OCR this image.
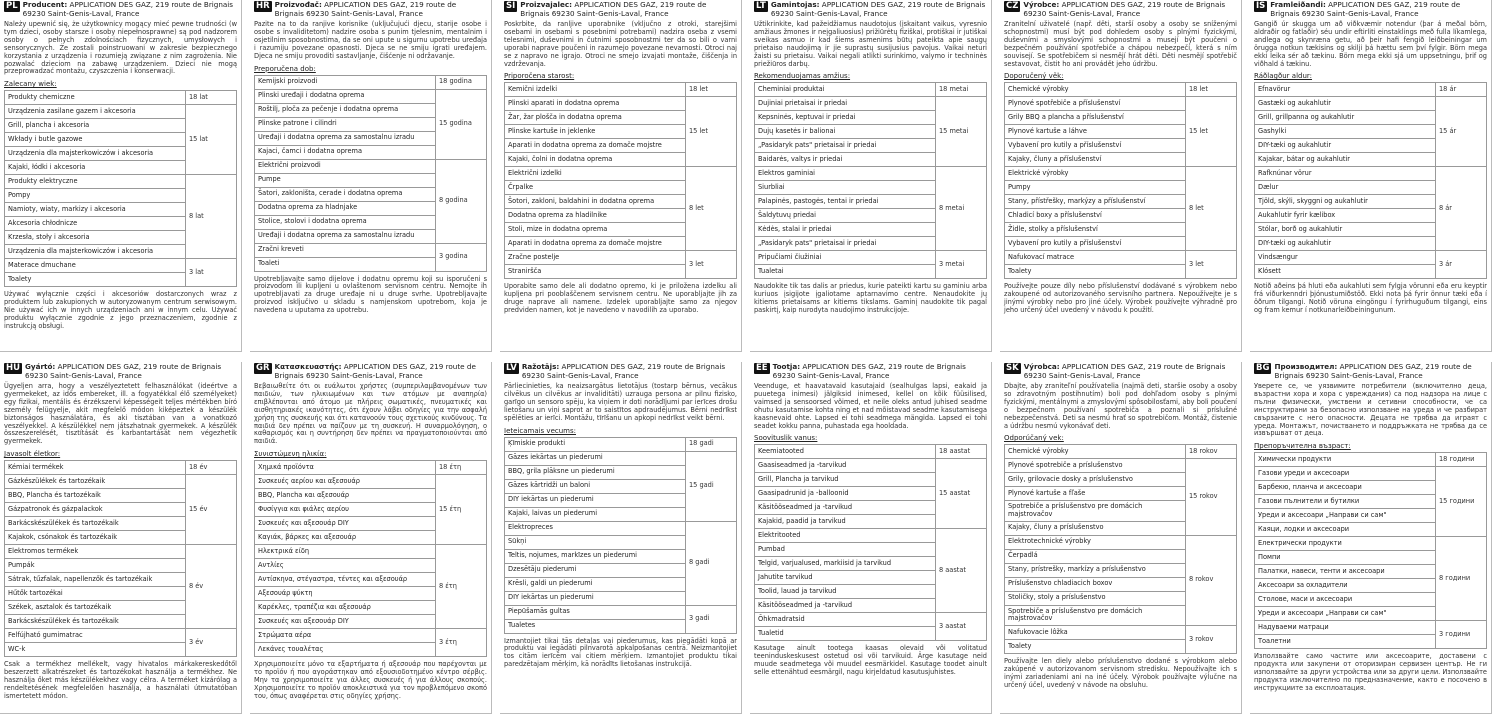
PL Producent: APPLICATION DES GAZ, 219 route de Brignais 69230 Saint-Genis-Laval, France
Należy upewnić się, że użytkownicy mogący mieć pewne trudności (w tym dzieci, osoby starsze i osoby niepełnosprawne) są pod nadzorem osoby o pełnych zdolnościach fizycznych, umysłowych i sensorycznych. Że zostali poinstruowani w zakresie bezpiecznego korzystania z urządzenia i rozumieją związane z nim zagrożenia. Nie pozwalać dzieciom na zabawę urządzeniem. Dzieci nie mogą przeprowadzać montażu, czyszczenia i konserwacji.
Zalecany wiek:
Produkty chemiczne	18 lat
Urządzenia zasilane gazem i akcesoria	15 lat
Grill, plancha i akcesoria	
Wkłady i butle gazowe	
Urządzenia dla majsterkowiczów i akcesoria	
Kajaki, łódki i akcesoria	
Produkty elektryczne	8 lat
Pompy	
Namioty, wiaty, markizy i akcesoria	
Akcesoria chłodnicze	
Krzesła, stoły i akcesoria	
Urządzenia dla majsterkowiczów i akcesoria	
Materace dmuchane	3 lat
Toalety	
Używać wyłącznie części i akcesoriów dostarczonych wraz z produktem lub zakupionych w autoryzowanym centrum serwisowym. Nie używać ich w innych urządzeniach ani w innym celu. Używać produktu wyłącznie zgodnie z jego przeznaczeniem, zgodnie z instrukcją obsługi.
HR Proizvođač: APPLICATION DES GAZ, 219 route de Brignais 69230 Saint-Genis-Laval, France
Pazite na to da ranjive korisnike (uključujući djecu, starije osobe i osobe s invaliditetom) nadzire osoba s punim tjelesnim, mentalnim i osjetilnim sposobnostima, da se oni upute u sigurnu upotrebu uređaja i razumiju povezane opasnosti. Djeca se ne smiju igrati uređajem. Djeca ne smiju provoditi sastavljanje, čišćenje ni održavanje.
Preporučena dob:
Kemijski proizvodi	18 godina
Plinski uređaji i dodatna oprema	15 godina
Roštilj, ploča za pečenje i dodatna oprema	
Plinske patrone i cilindri	
Uređaji i dodatna oprema za samostalnu izradu	
Kajaci, čamci i dodatna oprema	
Električni proizvodi	8 godina
Pumpe	
Šatori, zakloništa, cerade i dodatna oprema	
Dodatna oprema za hladnjake	
Stolice, stolovi i dodatna oprema	
Uređaji i dodatna oprema za samostalnu izradu	
Zračni kreveti	3 godina
Toaleti	
Upotrebljavajte samo dijelove i dodatnu opremu koji su isporučeni s proizvodom ili kupljeni u ovlaštenom servisnom centru. Nemojte ih upotrebljavati za druge uređaje ni u druge svrhe. Upotrebljavajte proizvod isključivo u skladu s namjenskom upotrebom, koja je navedena u uputama za upotrebu.
SI Proizvajalec: APPLICATION DES GAZ, 219 route de Brignais 69230 Saint-Genis-Laval, France
Poskrbite, da ranljive uporabnike (vključno z otroki, starejšimi osebami in osebami s posebnimi potrebami) nadzira oseba z vsemi telesnimi, duševnimi in čutnimi sposobnostmi ter da so bili o varni uporabi naprave poučeni in razumejo povezane nevarnosti. Otroci naj se z napravo ne igrajo. Otroci ne smejo izvajati montaže, čiščenja in vzdrževanja.
Priporočena starost:
Kemični izdelki	18 let
Plinski aparati in dodatna oprema	15 let
Žar, žar plošča in dodatna oprema	
Plinske kartuše in jeklenke	
Aparati in dodatna oprema za domače mojstre	
Kajaki, čolni in dodatna oprema	
Električni izdelki	8 let
Črpalke	
Šotori, zakloni, baldahini in dodatna oprema	
Dodatna oprema za hladilnike	
Stoli, mize in dodatna oprema	
Aparati in dodatna oprema za domače mojstre	
Zračne postelje	3 let
Straniršča	
Uporabite samo dele ali dodatno opremo, ki je priložena izdelku ali kupljena pri pooblaščenem servisnem centru. Ne uporabljajte jih za druge naprave ali namene. Izdelek uporabljajte samo za njegov predviden namen, kot je navedeno v navodilih za uporabo.
LT Gamintojas: APPLICATION DES GAZ, 219 route de Brignais 69230 Saint-Genis-Laval, France
Užtikrinkite, kad pažeidžiamus naudotojus (įskaitant vaikus, vyresnio amžiaus žmones ir neįgaliuosius) prižiūrėtų fiziškai, protiškai ir jutiškai sveikas asmuo ir kad šiems asmenims būtų pateikta apie saugų prietaiso naudojimą ir jie suprastų susijusius pavojus. Vaikai neturi žaisti su prietaisu. Vaikai negali atlikti surinkimo, valymo ir techninės priežiūros darbų.
Rekomenduojamas amžius:
Cheminiai produktai	18 metai
Dujiniai prietaisai ir priedai	15 metai
Kepsninės, keptuvai ir priedai	
Dujų kasetės ir balionai	
„Pasidaryk pats" prietaisai ir priedai	
Baidarės, valtys ir priedai	
Elektros gaminiai	8 metai
Siurbliai	
Palapinės, pastogės, tentai ir priedai	
Šaldytuvų priedai	
Kėdės, stalai ir priedai	
„Pasidaryk pats" prietaisai ir priedai	
Pripučiami čiužiniai	3 metai
Tualetai	
Naudokite tik tas dalis ar priedus, kurie pateikti kartu su gaminiu arba kuriuos įsigijote įgaliotame aptarnavimo centre. Nenaudokite jų kitiems prietaisams ar kitiems tikslams. Gaminį naudokite tik pagal paskirtį, kaip nurodyta naudojimo instrukcijoje.
CZ Výrobce: APPLICATION DES GAZ, 219 route de Brignais 69230 Saint-Genis-Laval, France
Zranitelní uživatelé (např. děti, starší osoby a osoby se sníženými schopnostmi) musí být pod dohledem osoby s plnými fyzickými, duševními a smyslovými schopnostmi a musejí být poučeni o bezpečném používání spotřebiče a chápou nebezpečí, která s ním souvisejí. Se spotřebičem si nesmějí hrát děti. Děti nesmějí spotřebič sestavovat, čistit ho ani provádět jeho údržbu.
Doporučený věk:
Chemické výrobky	18 let
Plynové spotřebiče a příslušenství	15 let
Grily BBQ a plancha a příslušenství	
Plynové kartuše a láhve	
Vybavení pro kutily a příslušenství	
Kajaky, čluny a příslušenství	
Elektrické výrobky	8 let
Pumpy	
Stany, přístřešky, markýzy a příslušenství	
Chladicí boxy a příslušenství	
Židle, stolky a příslušenství	
Vybavení pro kutily a příslušenství	
Nafukovací matrace	3 let
Toalety	
Používejte pouze díly nebo příslušenství dodávané s výrobkem nebo zakoupené od autorizovaného servisního partnera. Nepoužívejte je s jinými výrobky nebo pro jiné účely. Výrobek používejte výhradně pro jeho určený účel uvedený v návodu k použití.
IS Framleiðandi: APPLICATION DES GAZ, 219 route de Brignais 69230 Saint-Genis-Laval, France
Gangið úr skugga um að viðkvæmir notendur (þar á meðal börn, aldraðir og fatlaðir) séu undir eftirliti einstaklings með fulla líkamlega, andlega og skynræna getu, að þeir hafi fengið leiðbeiningar um örugga notkun tækisins og skilji þá hættu sem því fylgir. Börn mega ekki leika sér að tækinu. Börn mega ekki sjá um uppsetningu, þrif og viðhald á tækinu.
Ráðlagður aldur:
Efnavörur	18 ár
Gastæki og aukahlutir	15 ár
Grill, grillpanna og aukahlutir	
Gashylki	
DIY-tæki og aukahlutir	
Kajakar, bátar og aukahlutir	
Rafknúnar vörur	8 ár
Dælur	
Tjöld, skýli, skyggni og aukahlutir	
Aukahlutir fyrir kælibox	
Stólar, borð og aukahlutir	
DIY-tæki og aukahlutir	
Vindsængur	3 ár
Klósett	
Notið aðeins þá hluti eða aukahluti sem fylgja vörunni eða eru keyptir frá viðurkenndri þjónustumiðstöð. Ekki nota þá fyrir önnur tæki eða í öðrum tilgangi. Notið vöruna eingöngu í fyrirhuguðum tilgangi, eins og fram kemur í notkunarleiðbeiningunum.
HU Gyártó: APPLICATION DES GAZ, 219 route de Brignais 69230 Saint-Genis-Laval, France
Ügyeljen arra, hogy a veszélyeztetett felhasználókat (ideértve a gyermekeket, az idős embereket, ill. a fogyatékkal élő személyeket) egy fizikai, mentális és érzékszervi képességeit teljes mértékben bíró személy felügyelje, akit megfelelő módon kiképeztek a készülék biztonságos használatára, és aki tisztában van a vonatkozó veszélyekkel. A készülékkel nem játszhatnak gyermekek. A készülék összeszerelését, tisztítását és karbantartását nem végezhetik gyermekek.
Javasolt életkor:
Kémiai termékek	18 év
Gázkészülékek és tartozékaik	15 év
BBQ, Plancha és tartozékaik	
Gázpatronok és gázpalackok	
Barkácskészülékek és tartozékaik	
Kajakok, csónakok és tartozékaik	
Elektromos termékek	8 év
Pumpák	
Sátrak, tűzfalak, napellenzők és tartozékaik	
Hűtők tartozékai	
Székek, asztalok és tartozékaik	
Barkácskészülékek és tartozékaik	
Felfújható gumimatrac	3 év
WC-k	
Csak a termékhez mellékelt, vagy hivatalos márkakereskedőtől beszerzett alkatrészeket és tartozékokat használja a termékhez. Ne használja őket más készülékekhez vagy célra. A terméket kizárólag a rendeltetésének megfelelően használja, a használati útmutatóban ismertetett módon.
GR Κατασκευαστής: APPLICATION DES GAZ, 219 route de Brignais 69230 Saint-Genis-Laval, France
Βεβαιωθείτε ότι οι ευάλωτοι χρήστες (συμπεριλαμβανομένων των παιδιών, των ηλικιωμένων και των ατόμων με αναπηρία) επιβλέπονται από άτομο με πλήρεις σωματικές, πνευματικές και αισθητηριακές ικανότητες, ότι έχουν λάβει οδηγίες για την ασφαλή χρήση της συσκευής και ότι κατανοούν τους σχετικούς κινδύνους. Τα παιδιά δεν πρέπει να παίζουν με τη συσκευή. Η συναρμολόγηση, ο καθαρισμός και η συντήρηση δεν πρέπει να πραγματοποιούνται από παιδιά.
Συνιστώμενη ηλικία:
Χημικά προϊόντα	18 έτη
Συσκευές αερίου και αξεσουάρ	15 έτη
BBQ, Plancha και αξεσουάρ	
Φυσίγγια και φιάλες αερίου	
Συσκευές και αξεσουάρ DIY	
Καγιάκ, βάρκες και αξεσουάρ	
Ηλεκτρικά είδη	8 έτη
Αντλίες	
Αντίσκηνα, στέγαστρα, τέντες και αξεσουάρ	
Αξεσουάρ ψύκτη	
Καρέκλες, τραπέζια και αξεσουάρ	
Συσκευές και αξεσουάρ DIY	
Στρώματα αέρα	3 έτη
Λεκάνες τουαλέτας	
Χρησιμοποιείτε μόνο τα εξαρτήματα ή αξεσουάρ που παρέχονται με το προϊόν ή που αγοράστηκαν από εξουσιοδοτημένο κέντρο σέρβις. Μην τα χρησιμοποιείτε για άλλες συσκευές ή για άλλους σκοπούς. Χρησιμοποιείτε το προϊόν αποκλειστικά για τον προβλεπόμενο σκοπό του, όπως αναφέρεται στις οδηγίες χρήσης.
LV Ražotājs: APPLICATION DES GAZ, 219 route de Brignais 69230 Saint-Genis-Laval, France
Pārliecinieties, ka neaizsargātus lietotājus (tostarp bērnus, vecākus cilvēkus un cilvēkus ar invaliditāti) uzrauga persona ar pilnu fizisko, garīgo un sensoro spēju, ka viņiem ir doti norādījumi par ierīces drošu lietošanu un viņi saprot ar to saistītos apdraudējumus. Bērni nedrīkst spēlēties ar ierīci. Montāžu, tīrīšanu un apkopi nedrīkst veikt bērni.
Ieteicamais vecums:
Ķīmiskie produkti	18 gadi
Gāzes iekārtas un piederumi	15 gadi
BBQ, grila plāksne un piederumi	
Gāzes kārtridži un baloni	
DIY iekārtas un piederumi	
Kajaki, laivas un piederumi	
Elektropreces	8 gadi
Sūkņi	
Teltis, nojumes, markīzes un piederumi	
Dzesētāju piederumi	
Krēsli, galdi un piederumi	
DIY iekārtas un piederumi	
Piepūšamās gultas	3 gadi
Tualetes	
Izmantojiet tikai tās detaļas vai piederumus, kas piegādāti kopā ar produktu vai iegādāti pilnvarotā apkalpošanas centrā. Neizmantojiet tos citām ierīcēm vai citiem mērķiem. Izmantojiet produktu tikai paredzētajam mērķim, kā norādīts lietošanas instrukcijā.
EE Tootja: APPLICATION DES GAZ, 219 route de Brignais 69230 Saint-Genis-Laval, France
Veenduge, et haavatavaid kasutajaid (sealhulgas lapsi, eakaid ja puuetega inimesi) jälgiksid inimesed, kellel on kõik füüsilised, vaimsed ja sensoorsed võimed, et neile oleks antud juhised seadme ohutu kasutamise kohta ning et nad mõistavad seadme kasutamisega kaasnevaid ohte. Lapsed ei tohi seadmega mängida. Lapsed ei tohi seadet kokku panna, puhastada ega hooldada.
Soovituslik vanus:
Keemiatooted	18 aastat
Gaasiseadmed ja -tarvikud	15 aastat
Grill, Plancha ja tarvikud	
Gaasipadrunid ja -balloonid	
Käsitööseadmed ja -tarvikud	
Kajakid, paadid ja tarvikud	
Elektritooted	8 aastat
Pumbad	
Telgid, varjualused, markiisid ja tarvikud	
Jahutite tarvikud	
Toolid, lauad ja tarvikud	
Käsitööseadmed ja -tarvikud	
Õhkmadratsid	3 aastat
Tualetid	
Kasutage ainult tootega kaasas olevaid või volitatud teeninduskeskusest ostetud osi või tarvikuid. Ärge kasutage neid muude seadmetega või muudel eesmärkidel. Kasutage toodet ainult selle ettenähtud eesmärgil, nagu kirjeldatud kasutusjuhistes.
SK Výrobca: APPLICATION DES GAZ, 219 route de Brignais 69230 Saint-Genis-Laval, France
Dbajte, aby zraniteľní používatelia (najmä deti, staršie osoby a osoby so zdravotným postihnutím) boli pod dohľadom osoby s plnými fyzickými, mentálnymi a zmyslovými spôsobilosťami, aby boli poučení o bezpečnom používaní spotrebiča a poznali si príslušné nebezpečenstvá. Deti sa nesmú hrať so spotrebičom. Montáž, čistenie a údržbu nesmú vykonávať deti.
Odporúčaný vek:
Chemické výrobky	18 rokov
Plynové spotrebiče a príslušenstvo	15 rokov
Grily, grilovacie dosky a príslušenstvo	
Plynové kartuše a fľaše	
Spotrebiče a príslušenstvo pre domácich majstrovačov	
Kajaky, čluny a príslušenstvo	
Elektrotechnické výrobky	8 rokov
Čerpadlá	
Stany, prístrešky, markízy a príslušenstvo	
Príslušenstvo chladiacich boxov	
Stoličky, stoly a príslušenstvo	
Spotrebiče a príslušenstvo pre domácich majstrovačov	
Nafukovacie lôžka	3 rokov
Toalety	
Používajte len diely alebo príslušenstvo dodané s výrobkom alebo zakúpené v autorizovanom servisnom stredisku. Nepoužívajte ich s inými zariadeniami ani na iné účely. Výrobok používajte výlučne na určený účel, uvedený v návode na obsluhu.
BG Производител: APPLICATION DES GAZ, 219 route de Brignais 69230 Saint-Genis-Laval, France
Уверете се, че уязвимите потребители (включително деца, възрастни хора и хора с увреждания) са под надзора на лице с пълни физически, умствени и сетивни способности, че са инструктирани за безопасно използване на уреда и че разбират свързаните с него опасности. Децата не трябва да играят с уреда. Монтажът, почистването и поддръжката не трябва да се извършват от деца.
Препоръчителна възраст:
Химически продукти	18 години
Газови уреди и аксесоари	15 години
Барбекю, планча и аксесоари	
Газови пълнители и бутилки	
Уреди и аксесоари „Направи си сам"	
Каяци, лодки и аксесоари	
Електрически продукти	8 години
Помпи	
Палатки, навеси, тенти и аксесоари	
Аксесоари за охладители	
Столове, маси и аксесоари	
Уреди и аксесоари „Направи си сам"	
Надуваеми матраци	3 години
Тоалетни	
Използвайте само частите или аксесоарите, доставени с продукта или закупени от оторизиран сервизен център. Не ги използвайте за други устройства или за други цели. Използвайте продукта изключително по предназначение, както е посочено в инструкциите за експлоатация.
